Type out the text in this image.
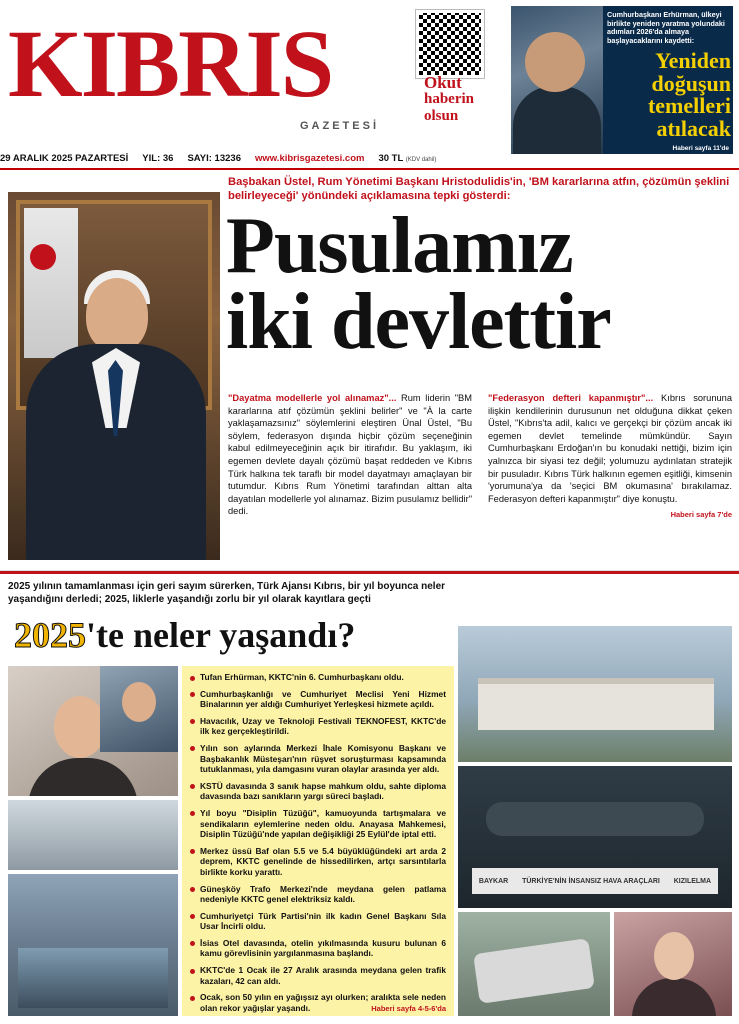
KIBRIS
GAZETESİ
Okut
haberin
olsun
Cumhurbaşkanı Erhürman, ülkeyi birlikte yeniden yaratma yolundaki adımları 2026'da almaya başlayacaklarını kaydetti:
Yeniden
doğuşun
temelleri
atılacak
Haberi sayfa 11'de
29 ARALIK 2025 PAZARTESİ YIL: 36 SAYI: 13236 www.kibrisgazetesi.com 30 TL (KDV dahil)
Başbakan Üstel, Rum Yönetimi Başkanı Hristodulidis'in, 'BM kararlarına atfın, çözümün şeklini belirleyeceği' yönündeki açıklamasına tepki gösterdi:
Pusulamız
iki devlettir
"Dayatma modellerle yol alınamaz"... Rum liderin "BM kararlarına atıf çözümün şeklini belirler" ve "À la carte yaklaşamazsınız" söylemlerini eleştiren Ünal Üstel, "Bu söylem, federasyon dışında hiçbir çözüm seçeneğinin kabul edilmeyeceğinin açık bir itirafıdır. Bu yaklaşım, iki egemen devlete dayalı çözümü başat reddeden ve Kıbrıs Türk halkına tek taraflı bir model dayatmayı amaçlayan bir tutumdur. Kıbrıs Rum Yönetimi tarafından alttan alta dayatılan modellerle yol alınamaz. Bizim pusulamız bellidir" dedi.
"Federasyon defteri kapanmıştır"... Kıbrıs sorununa ilişkin kendilerinin durusunun net olduğuna dikkat çeken Üstel, "Kıbrıs'ta adil, kalıcı ve gerçekçi bir çözüm ancak iki egemen devlet temelinde mümkündür. Sayın Cumhurbaşkanı Erdoğan'ın bu konudaki nettiği, bizim için yalnızca bir siyasi tez değil; yolumuzu aydınlatan stratejik bir pusuladır. Kıbrıs Türk halkının egemen eşitliği, kimsenin 'yorumuna'ya da 'seçici BM okumasına' bırakılamaz. Federasyon defteri kapanmıştır" diye konuştu.
Haberi sayfa 7'de
2025 yılının tamamlanması için geri sayım sürerken, Türk Ajansı Kıbrıs, bir yıl boyunca neler yaşandığını derledi; 2025, liklerle yaşandığı zorlu bir yıl olarak kayıtlara geçti
2025'te neler yaşandı?
BAYKAR TÜRKİYE'NİN İNSANSIZ HAVA ARAÇLARI KIZILELMA
Tufan Erhürman, KKTC'nin 6. Cumhurbaşkanı oldu.
Cumhurbaşkanlığı ve Cumhuriyet Meclisi Yeni Hizmet Binalarının yer aldığı Cumhuriyet Yerleşkesi hizmete açıldı.
Havacılık, Uzay ve Teknoloji Festivali TEKNOFEST, KKTC'de ilk kez gerçekleştirildi.
Yılın son aylarında Merkezi İhale Komisyonu Başkanı ve Başbakanlık Müsteşarı'nın rüşvet soruşturması kapsamında tutuklanması, yıla damgasını vuran olaylar arasında yer aldı.
KSTÜ davasında 3 sanık hapse mahkum oldu, sahte diploma davasında bazı sanıkların yargı süreci başladı.
Yıl boyu "Disiplin Tüzüğü", kamuoyunda tartışmalara ve sendikaların eylemlerine neden oldu. Anayasa Mahkemesi, Disiplin Tüzüğü'nde yapılan değişikliği 25 Eylül'de iptal etti.
Merkez üssü Baf olan 5.5 ve 5.4 büyüklüğündeki art arda 2 deprem, KKTC genelinde de hissedilirken, artçı sarsıntılarla birlikte korku yarattı.
Güneşköy Trafo Merkezi'nde meydana gelen patlama nedeniyle KKTC genel elektriksiz kaldı.
Cumhuriyetçi Türk Partisi'nin ilk kadın Genel Başkanı Sıla Usar İncirli oldu.
İsias Otel davasında, otelin yıkılmasında kusuru bulunan 6 kamu görevlisinin yargılanmasına başlandı.
KKTC'de 1 Ocak ile 27 Aralık arasında meydana gelen trafik kazaları, 42 can aldı.
Ocak, son 50 yılın en yağışsız ayı olurken; aralıkta sele neden olan rekor yağışlar yaşandı.	Haberi sayfa 4-5-6'da
